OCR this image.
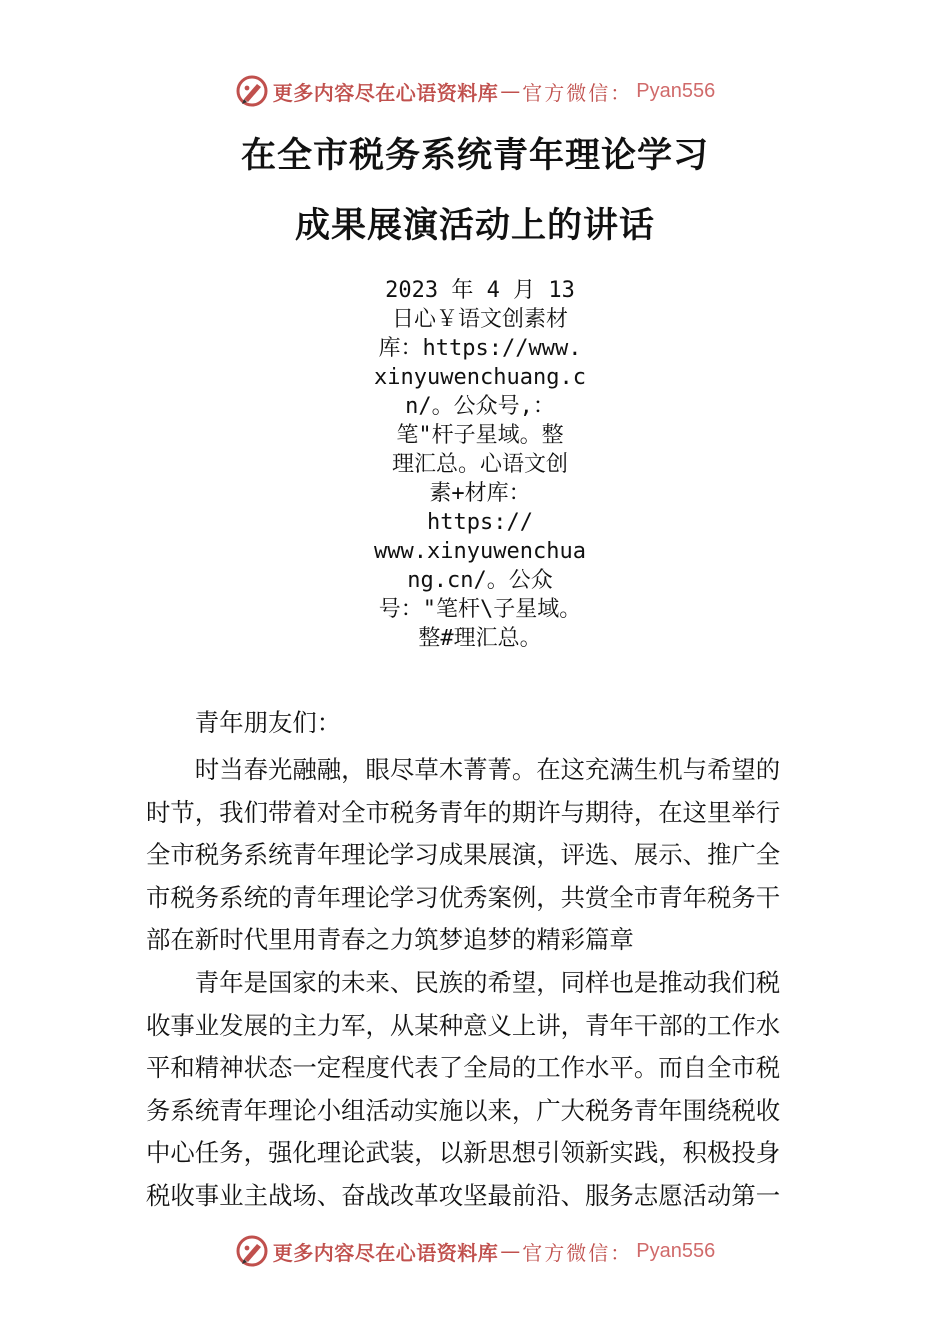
更多内容尽在心语资料库 — 官方微信： Pyan556
在全市税务系统青年理论学习
成果展演活动上的讲话
2023 年 4 月 13
日心￥语文创素材
库：https://www.
xinyuwenchuang.c
n/。公众号,：
笔"杆子星域。整
理汇总。心语文创
素+材库：
https://
www.xinyuwenchua
ng.cn/。公众
号："笔杆\子星域。
整#理汇总。

青年朋友们：

时当春光融融，眼尽草木菁菁。在这充满生机与希望的
时节，我们带着对全市税务青年的期许与期待，在这里举行
全市税务系统青年理论学习成果展演，评选、展示、推广全
市税务系统的青年理论学习优秀案例，共赏全市青年税务干
部在新时代里用青春之力筑梦追梦的精彩篇章

青年是国家的未来、民族的希望，同样也是推动我们税
收事业发展的主力军，从某种意义上讲，青年干部的工作水
平和精神状态一定程度代表了全局的工作水平。而自全市税
务系统青年理论小组活动实施以来，广大税务青年围绕税收
中心任务，强化理论武装，以新思想引领新实践，积极投身
税收事业主战场、奋战改革攻坚最前沿、服务志愿活动第一

更多内容尽在心语资料库 — 官方微信： Pyan556
